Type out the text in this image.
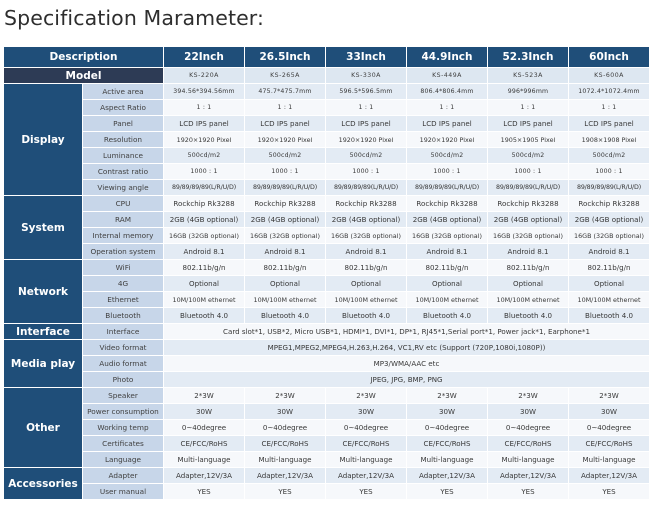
Specification Marameter:
Description		22Inch	26.5Inch	33Inch	44.9Inch	52.3Inch	60Inch
Model		KS-220A	KS-265A	KS-330A	KS-449A	KS-523A	KS-600A
Display	Active area	394.56*394.56mm	475.7*475.7mm	596.5*596.5mm	806.4*806.4mm	996*996mm	1072.4*1072.4mm
	Aspect Ratio	1 : 1	1 : 1	1 : 1	1 : 1	1 : 1	1 : 1
	Panel	LCD IPS panel	LCD IPS panel	LCD IPS panel	LCD IPS panel	LCD IPS panel	LCD IPS panel
	Resolution	1920×1920 Pixel	1920×1920 Pixel	1920×1920 Pixel	1920×1920 Pixel	1905×1905 Pixel	1908×1908 Pixel
	Luminance	500cd/m2	500cd/m2	500cd/m2	500cd/m2	500cd/m2	500cd/m2
	Contrast ratio	1000 : 1	1000 : 1	1000 : 1	1000 : 1	1000 : 1	1000 : 1
	Viewing angle	89/89/89/89(L/R/U/D)	89/89/89/89(L/R/U/D)	89/89/89/89(L/R/U/D)	89/89/89/89(L/R/U/D)	89/89/89/89(L/R/U/D)	89/89/89/89(L/R/U/D)
System	CPU	Rockchip Rk3288	Rockchip Rk3288	Rockchip Rk3288	Rockchip Rk3288	Rockchip Rk3288	Rockchip Rk3288
	RAM	2GB (4GB optional)	2GB (4GB optional)	2GB (4GB optional)	2GB (4GB optional)	2GB (4GB optional)	2GB (4GB optional)
	Internal memory	16GB (32GB optional)	16GB (32GB optional)	16GB (32GB optional)	16GB (32GB optional)	16GB (32GB optional)	16GB (32GB optional)
	Operation system	Android 8.1	Android 8.1	Android 8.1	Android 8.1	Android 8.1	Android 8.1
Network	WiFi	802.11b/g/n	802.11b/g/n	802.11b/g/n	802.11b/g/n	802.11b/g/n	802.11b/g/n
	4G	Optional	Optional	Optional	Optional	Optional	Optional
	Ethernet	10M/100M ethernet	10M/100M ethernet	10M/100M ethernet	10M/100M ethernet	10M/100M ethernet	10M/100M ethernet
	Bluetooth	Bluetooth 4.0	Bluetooth 4.0	Bluetooth 4.0	Bluetooth 4.0	Bluetooth 4.0	Bluetooth 4.0
Interface	Interface	Card slot*1, USB*2, Micro USB*1, HDMI*1, DVI*1, DP*1, RJ45*1,Serial port*1, Power jack*1, Earphone*1					
Media play	Video format	MPEG1,MPEG2,MPEG4,H.263,H.264, VC1,RV etc (Support (720P,1080i,1080P))					
	Audio format	MP3/WMA/AAC etc					
	Photo	JPEG, JPG, BMP, PNG					
Other	Speaker	2*3W	2*3W	2*3W	2*3W	2*3W	2*3W
	Power consumption	30W	30W	30W	30W	30W	30W
	Working temp	0~40degree	0~40degree	0~40degree	0~40degree	0~40degree	0~40degree
	Certificates	CE/FCC/RoHS	CE/FCC/RoHS	CE/FCC/RoHS	CE/FCC/RoHS	CE/FCC/RoHS	CE/FCC/RoHS
	Language	Multi-language	Multi-language	Multi-language	Multi-language	Multi-language	Multi-language
Accessories	Adapter	Adapter,12V/3A	Adapter,12V/3A	Adapter,12V/3A	Adapter,12V/3A	Adapter,12V/3A	Adapter,12V/3A
	User manual	YES	YES	YES	YES	YES	YES
